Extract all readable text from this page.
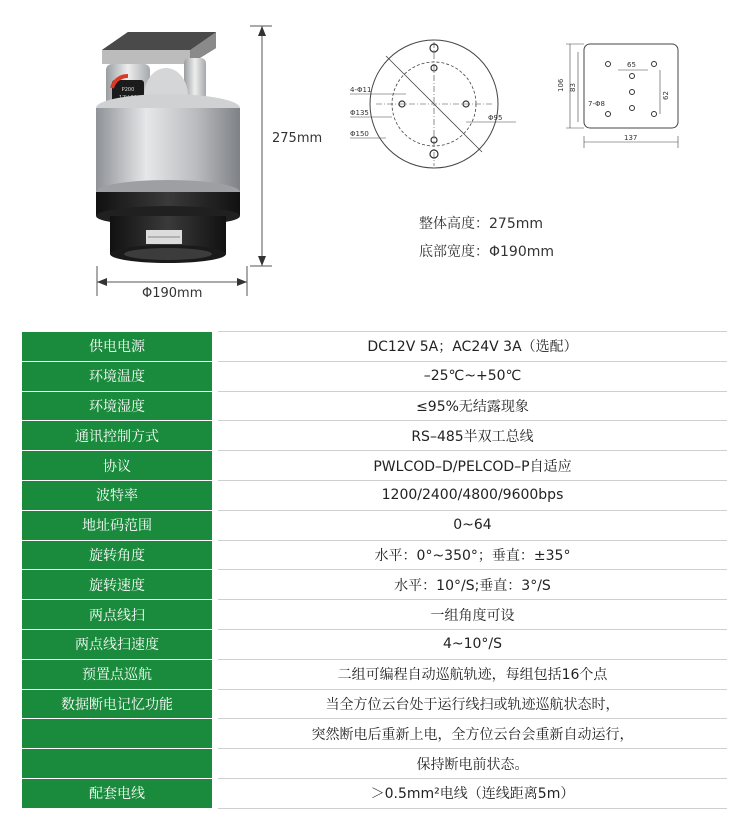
P200
275mm
Φ190mm
4-Φ11
Φ135
Φ150
Φ95
106 83
65
62
7-Φ8
137
整体高度：275mm
底部宽度：Φ190mm
供电电源		DC12V 5A；AC24V 3A（选配）
环境温度		–25℃~+50℃
环境湿度		≤95%无结露现象
通讯控制方式		RS–485半双工总线
协议		PWLCOD–D/PELCOD–P自适应
波特率		1200/2400/4800/9600bps
地址码范围		0~64
旋转角度		水平：0°~350°；垂直：±35°
旋转速度		水平：10°/S;垂直：3°/S
两点线扫		一组角度可设
两点线扫速度		4~10°/S
预置点巡航		二组可编程自动巡航轨迹，每组包括16个点
数据断电记忆功能		当全方位云台处于运行线扫或轨迹巡航状态时，
		突然断电后重新上电，全方位云台会重新自动运行，
		保持断电前状态。
配套电线		＞0.5mm²电线（连线距离5m）
